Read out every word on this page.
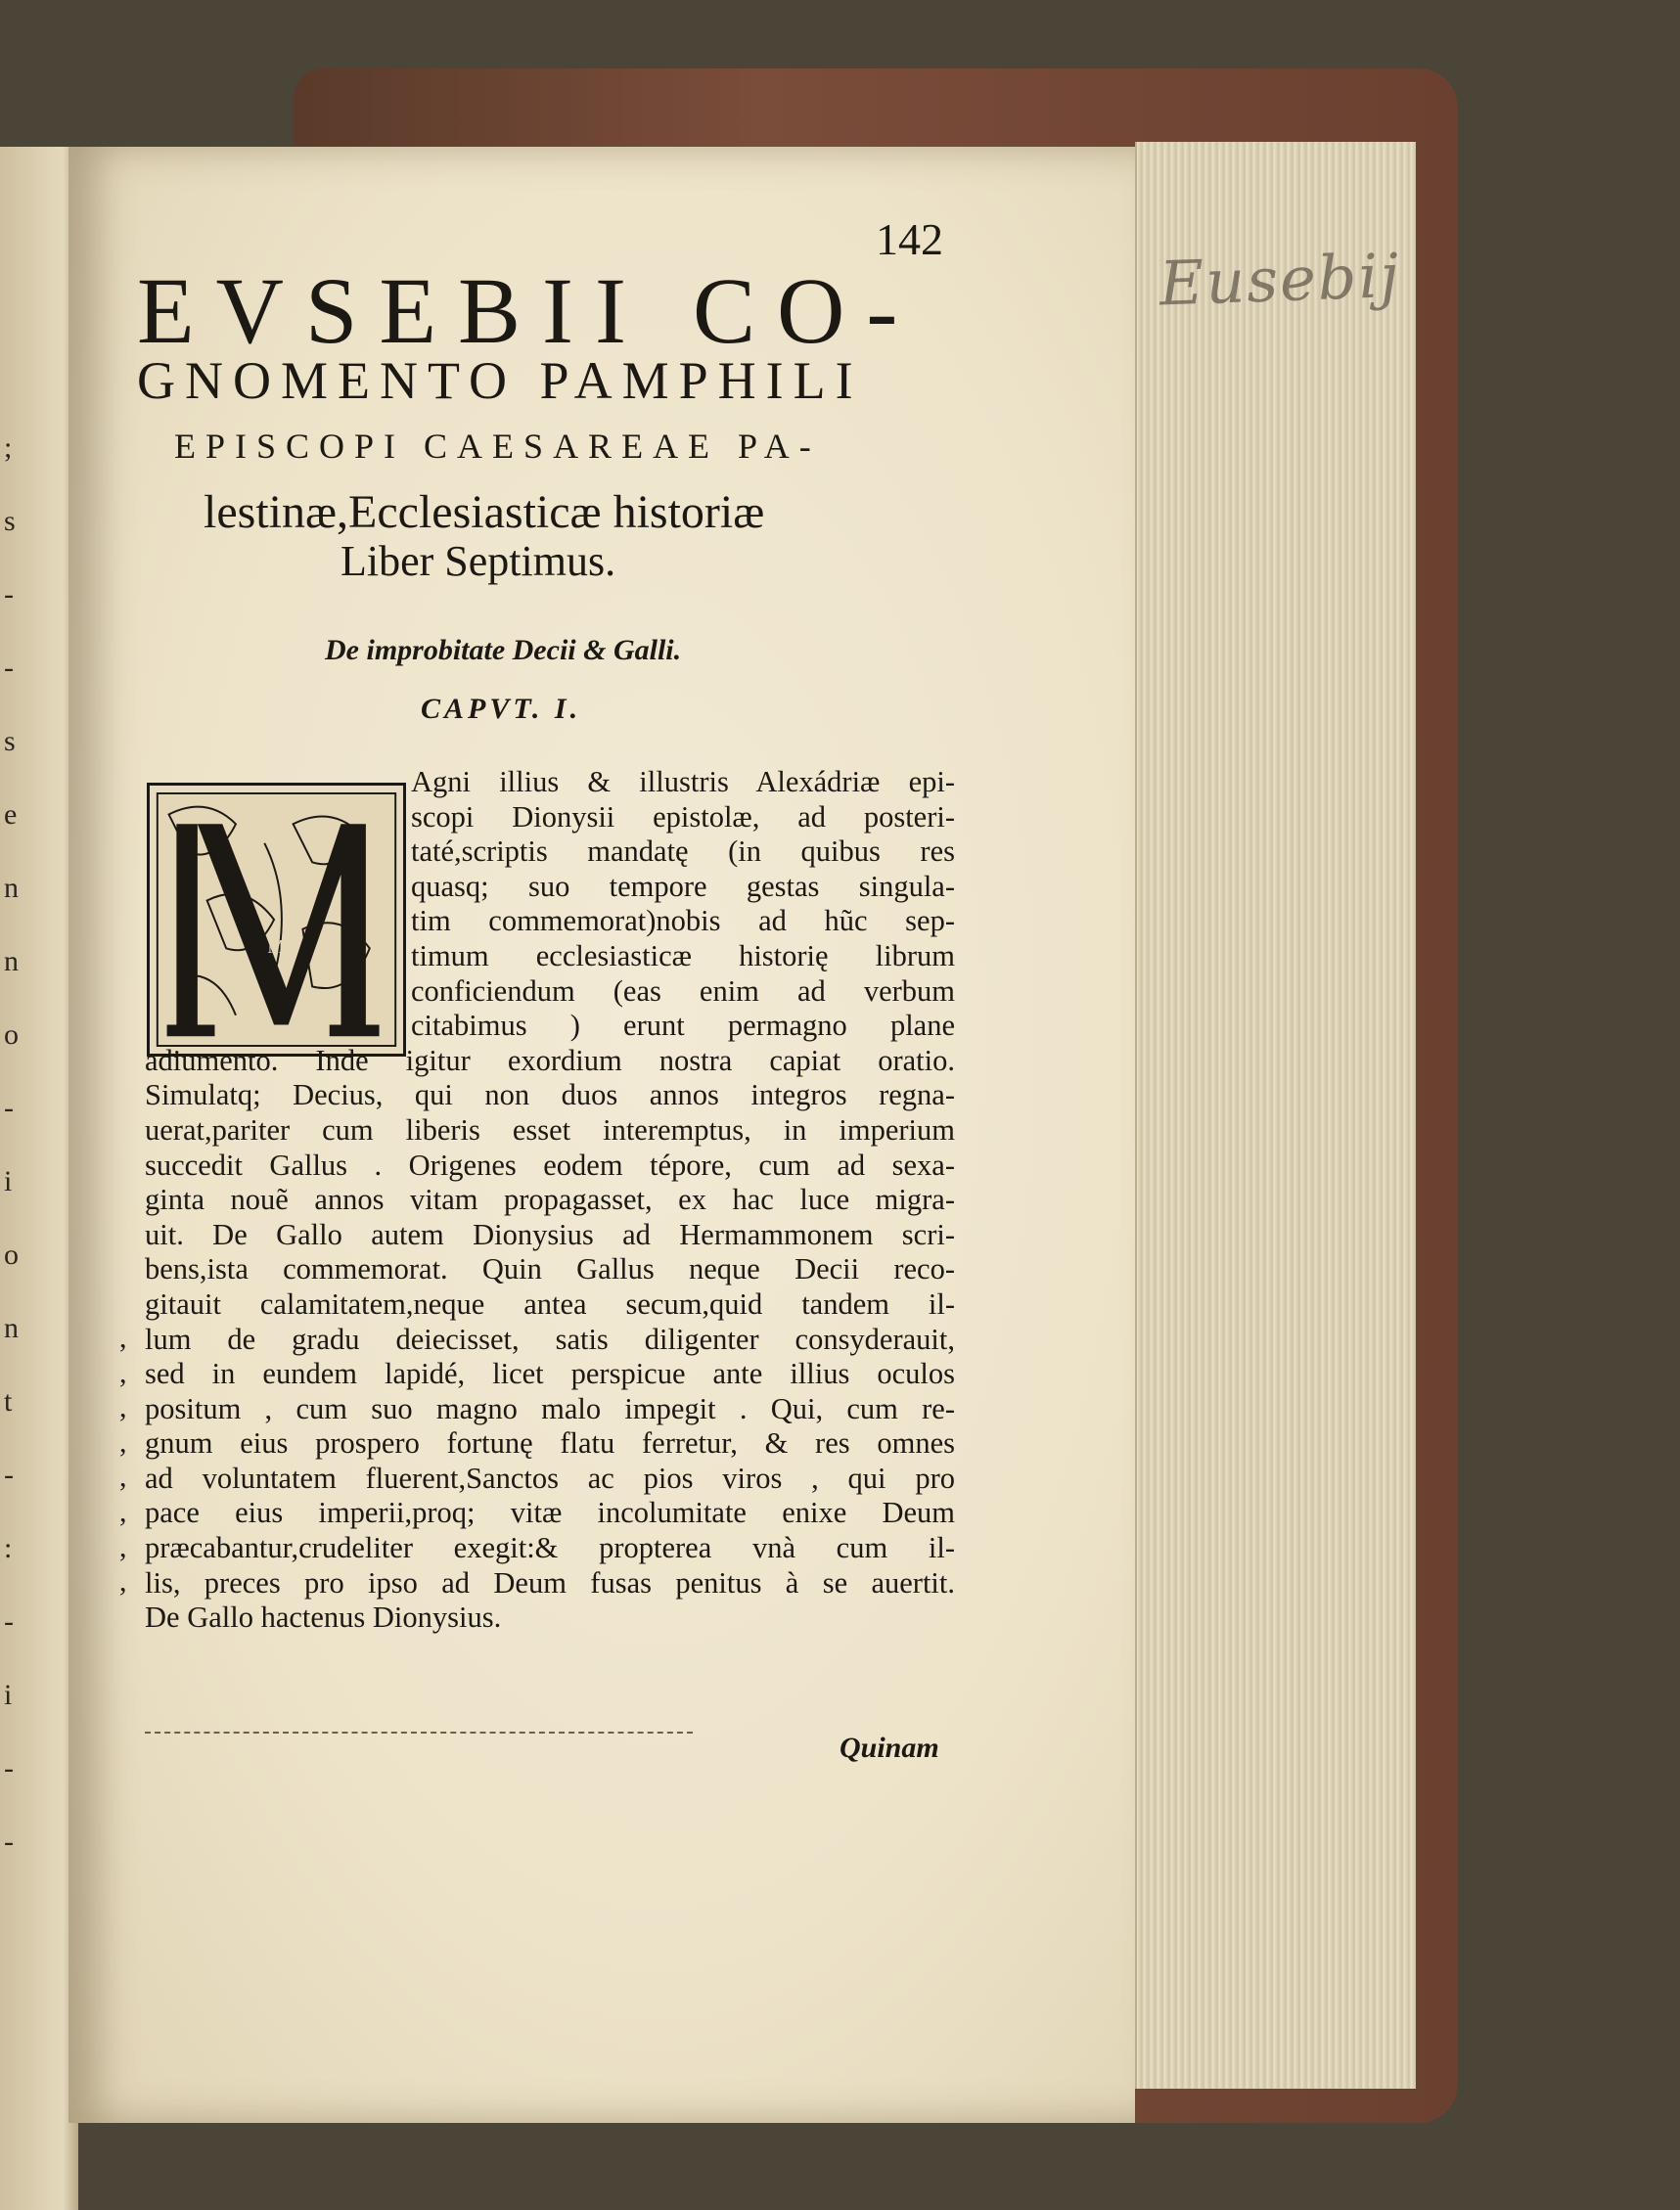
Eusebij
;
s
-
-
s
e
n
n
o
-
i
o
n
t
-
:
-
i
-
-
142
EVSEBII CO-
GNOMENTO PAMPHILI
EPISCOPI CAESAREAE PA-
lestinæ,Ecclesiasticæ historiæ
Liber Septimus.
De improbitate Decii & Galli.
CAPVT. I.
M
Agni illius & illustris Alexádriæ epi-
scopi Dionysii epistolæ, ad posteri-
taté,scriptis mandatę (in quibus res
quasq; suo tempore gestas singula-
tim commemorat)nobis ad hũc sep-
timum ecclesiasticæ historię librum
conficiendum (eas enim ad verbum
citabimus ) erunt permagno plane
adiumento. Inde igitur exordium nostra capiat oratio.
Simulatq; Decius, qui non duos annos integros regna-
uerat,pariter cum liberis esset interemptus, in imperium
succedit Gallus . Origenes eodem tépore, cum ad sexa-
ginta nouẽ annos vitam propagasset, ex hac luce migra-
uit. De Gallo autem Dionysius ad Hermammonem scri-
bens,ista commemorat. Quin Gallus neque Decii reco-
gitauit calamitatem,neque antea secum,quid tandem il-
lum de gradu deiecisset, satis diligenter consyderauit,
sed in eundem lapidé, licet perspicue ante illius oculos
positum , cum suo magno malo impegit . Qui, cum re-
gnum eius prospero fortunę flatu ferretur, & res omnes
ad voluntatem fluerent,Sanctos ac pios viros , qui pro
pace eius imperii,proq; vitæ incolumitate enixe Deum
præcabantur,crudeliter exegit:& propterea vnà cum il-
lis, preces pro ipso ad Deum fusas penitus à se auertit.
De Gallo hactenus Dionysius.
,
,
,
,
,
,
,
,
Quinam
